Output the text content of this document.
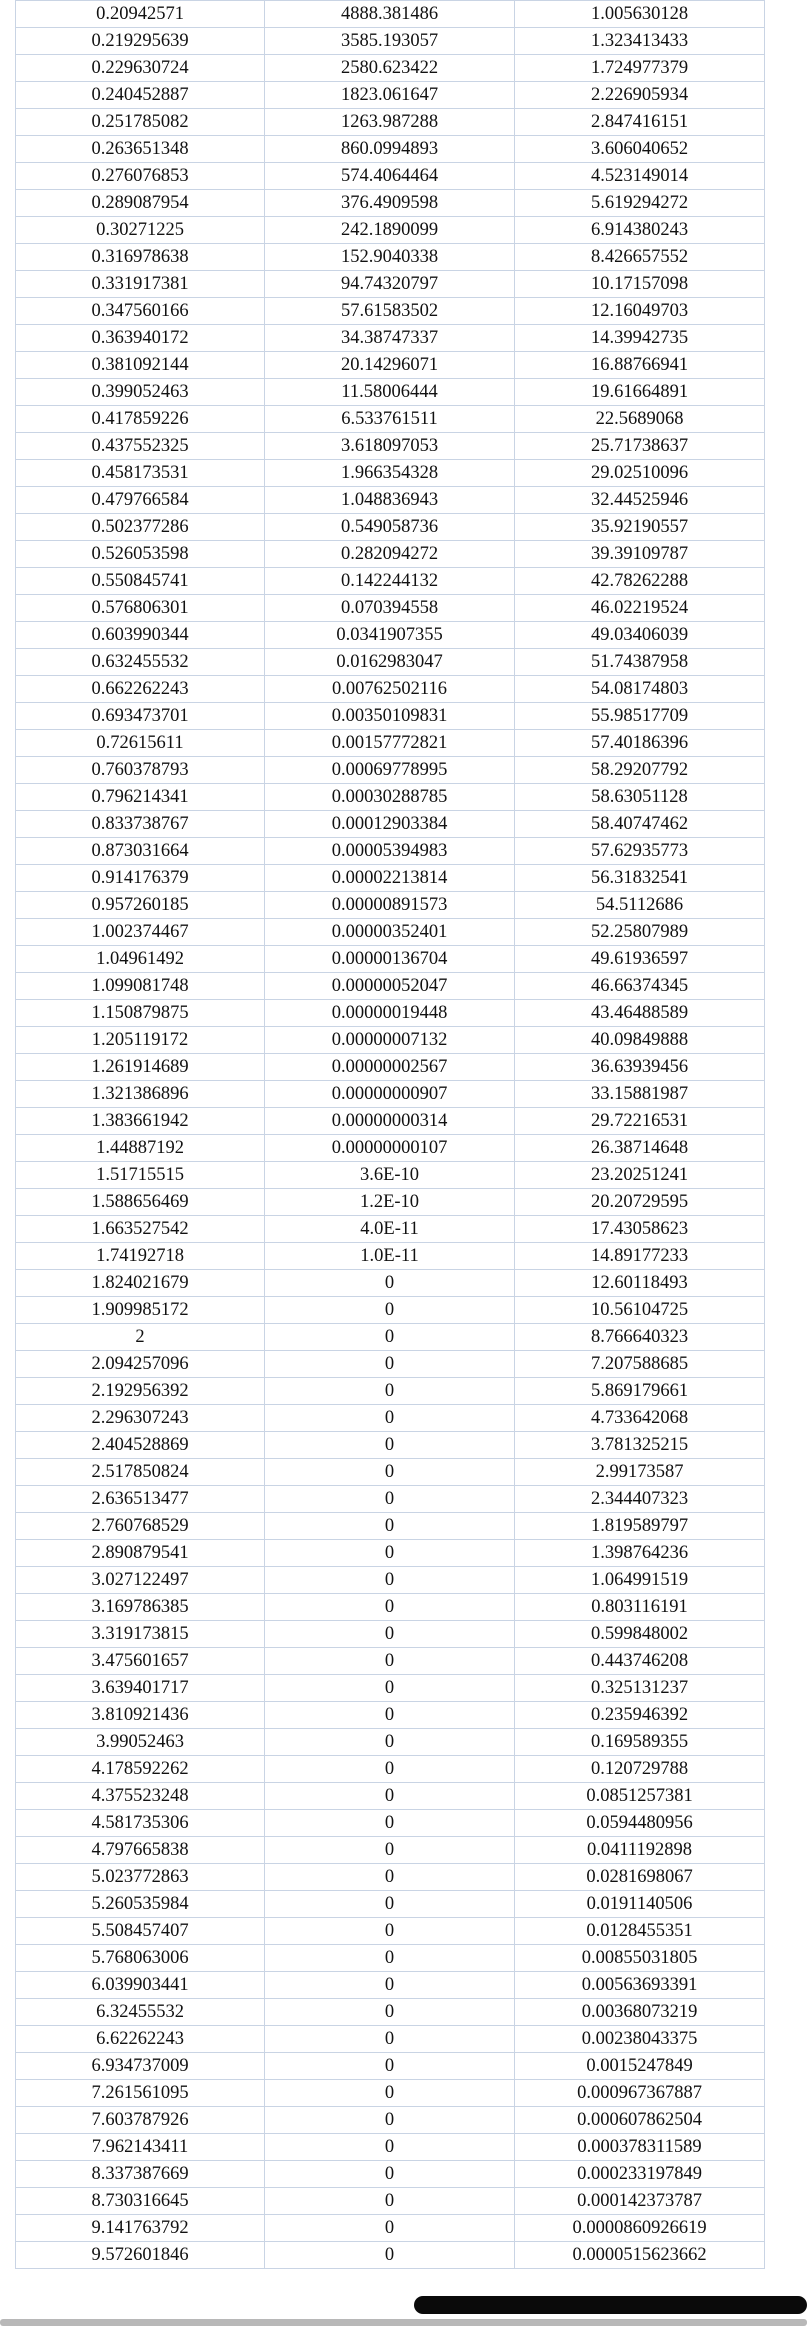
0.20942571	4888.381486	1.005630128
0.219295639	3585.193057	1.323413433
0.229630724	2580.623422	1.724977379
0.240452887	1823.061647	2.226905934
0.251785082	1263.987288	2.847416151
0.263651348	860.0994893	3.606040652
0.276076853	574.4064464	4.523149014
0.289087954	376.4909598	5.619294272
0.30271225	242.1890099	6.914380243
0.316978638	152.9040338	8.426657552
0.331917381	94.74320797	10.17157098
0.347560166	57.61583502	12.16049703
0.363940172	34.38747337	14.39942735
0.381092144	20.14296071	16.88766941
0.399052463	11.58006444	19.61664891
0.417859226	6.533761511	22.5689068
0.437552325	3.618097053	25.71738637
0.458173531	1.966354328	29.02510096
0.479766584	1.048836943	32.44525946
0.502377286	0.549058736	35.92190557
0.526053598	0.282094272	39.39109787
0.550845741	0.142244132	42.78262288
0.576806301	0.070394558	46.02219524
0.603990344	0.0341907355	49.03406039
0.632455532	0.0162983047	51.74387958
0.662262243	0.00762502116	54.08174803
0.693473701	0.00350109831	55.98517709
0.72615611	0.00157772821	57.40186396
0.760378793	0.00069778995	58.29207792
0.796214341	0.00030288785	58.63051128
0.833738767	0.00012903384	58.40747462
0.873031664	0.00005394983	57.62935773
0.914176379	0.00002213814	56.31832541
0.957260185	0.00000891573	54.5112686
1.002374467	0.00000352401	52.25807989
1.04961492	0.00000136704	49.61936597
1.099081748	0.00000052047	46.66374345
1.150879875	0.00000019448	43.46488589
1.205119172	0.00000007132	40.09849888
1.261914689	0.00000002567	36.63939456
1.321386896	0.00000000907	33.15881987
1.383661942	0.00000000314	29.72216531
1.44887192	0.00000000107	26.38714648
1.51715515	3.6E-10	23.20251241
1.588656469	1.2E-10	20.20729595
1.663527542	4.0E-11	17.43058623
1.74192718	1.0E-11	14.89177233
1.824021679	0	12.60118493
1.909985172	0	10.56104725
2	0	8.766640323
2.094257096	0	7.207588685
2.192956392	0	5.869179661
2.296307243	0	4.733642068
2.404528869	0	3.781325215
2.517850824	0	2.99173587
2.636513477	0	2.344407323
2.760768529	0	1.819589797
2.890879541	0	1.398764236
3.027122497	0	1.064991519
3.169786385	0	0.803116191
3.319173815	0	0.599848002
3.475601657	0	0.443746208
3.639401717	0	0.325131237
3.810921436	0	0.235946392
3.99052463	0	0.169589355
4.178592262	0	0.120729788
4.375523248	0	0.0851257381
4.581735306	0	0.0594480956
4.797665838	0	0.0411192898
5.023772863	0	0.0281698067
5.260535984	0	0.0191140506
5.508457407	0	0.0128455351
5.768063006	0	0.00855031805
6.039903441	0	0.00563693391
6.32455532	0	0.00368073219
6.62262243	0	0.00238043375
6.934737009	0	0.0015247849
7.261561095	0	0.000967367887
7.603787926	0	0.000607862504
7.962143411	0	0.000378311589
8.337387669	0	0.000233197849
8.730316645	0	0.000142373787
9.141763792	0	0.0000860926619
9.572601846	0	0.0000515623662
